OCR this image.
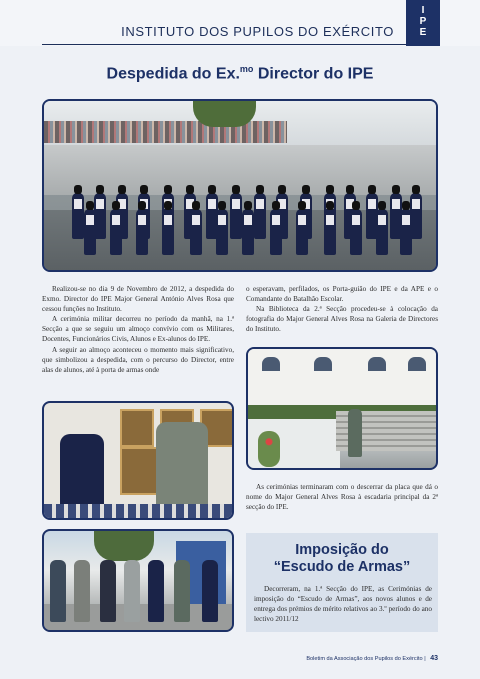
INSTITUTO DOS PUPILOS DO EXÉRCITO
I
P
E
Despedida do Ex.$^{mo}$ Director do IPE

Realizou-se no dia 9 de Novembro de 2012, a despedida do Exmo. Director do IPE Major General António Alves Rosa que cessou funções no Instituto.

A cerimónia militar decorreu no período da manhã, na 1.ª Secção a que se seguiu um almoço convívio com os Militares, Docentes, Funcionários Civis, Alunos e Ex-alunos do IPE.

A seguir ao almoço aconteceu o momento mais significativo, que simbolizou a despedida, com o percurso do Director, entre alas de alunos, até à porta de armas onde

o esperavam, perfilados, os Porta-guião do IPE e da APE e o Comandante do Batalhão Escolar.

Na Biblioteca da 2.ª Secção procedeu-se à colocação da fotografia do Major General Alves Rosa na Galeria de Directores do Instituto.

As cerimónias terminaram com o descerrar da placa que dá o nome do Major General Alves Rosa à escadaria principal da 2ª secção do IPE.

Imposição do
“Escudo de Armas”

Decorreram, na 1.ª Secção do IPE, as Cerimónias de imposição do “Escudo de Armas”, aos novos alunos e de entrega dos prémios de mérito relativos ao 3.º período do ano lectivo 2011/12

Boletim da Associação dos Pupilos do Exército | 43
